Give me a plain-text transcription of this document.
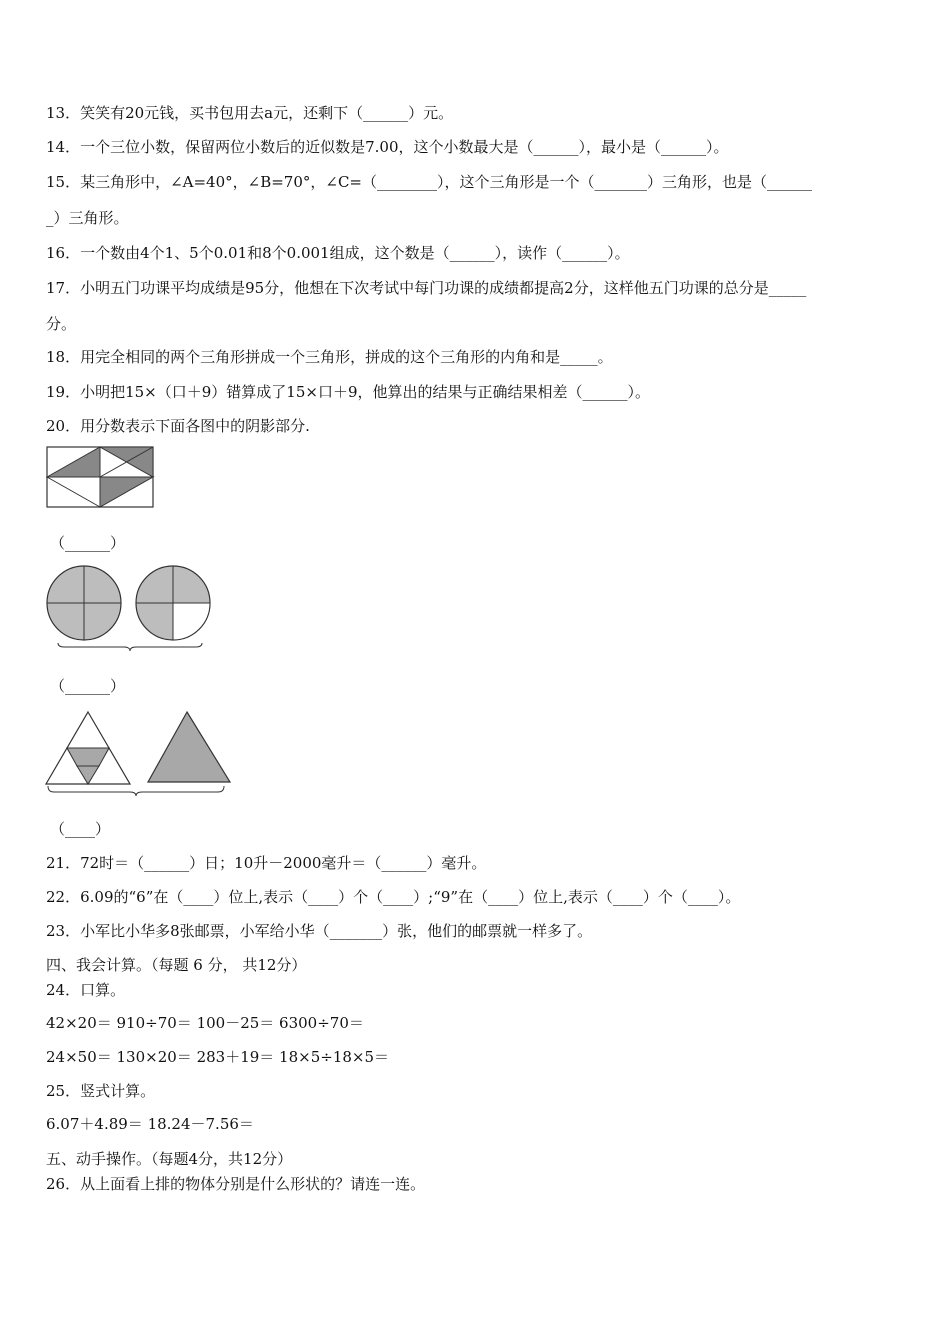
13．笑笑有20元钱，买书包用去a元，还剩下（______）元。
14．一个三位小数，保留两位小数后的近似数是7.00，这个小数最大是（______），最小是（______）。
15．某三角形中，∠A=40°，∠B=70°，∠C=（________），这个三角形是一个（_______）三角形，也是（______
_）三角形。
16．一个数由4个1、5个0.01和8个0.001组成，这个数是（______），读作（______）。
17．小明五门功课平均成绩是95分，他想在下次考试中每门功课的成绩都提高2分，这样他五门功课的总分是_____
分。
18．用完全相同的两个三角形拼成一个三角形，拼成的这个三角形的内角和是_____。
19．小明把15×（口＋9）错算成了15×口＋9，他算出的结果与正确结果相差（______）。
20．用分数表示下面各图中的阴影部分.
（______）
（______）
（____）
21．72时＝（______）日；10升－2000毫升＝（______）毫升。
22．6.09的“6”在（____）位上,表示（____）个（____）;“9”在（____）位上,表示（____）个（____）。
23．小军比小华多8张邮票，小军给小华（_______）张，他们的邮票就一样多了。
四、我会计算。（每题 6 分， 共12分）
24．口算。
42×20＝ 910÷70＝ 100－25＝ 6300÷70＝
24×50＝ 130×20＝ 283＋19＝ 18×5÷18×5＝
25．竖式计算。
6.07＋4.89＝ 18.24－7.56＝
五、动手操作。（每题4分，共12分）
26．从上面看上排的物体分别是什么形状的？请连一连。
